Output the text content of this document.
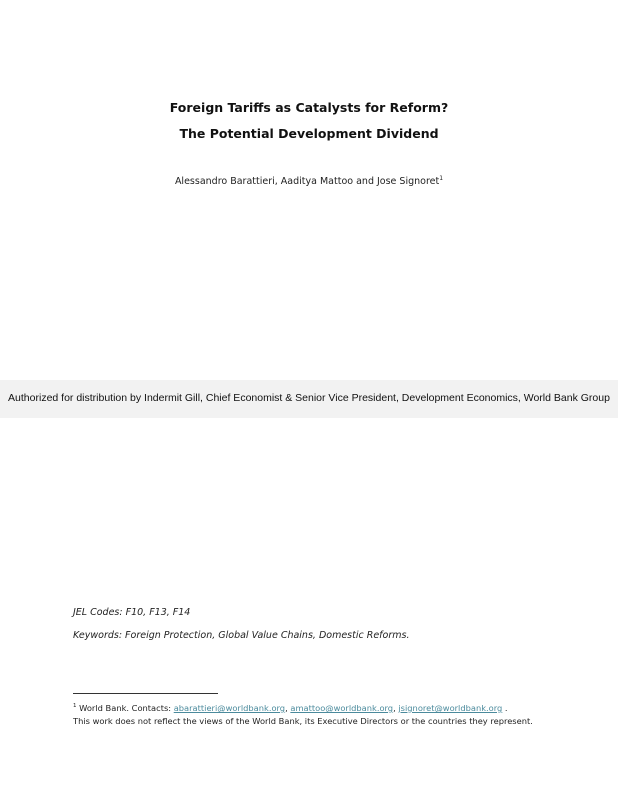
Foreign Tariffs as Catalysts for Reform?
The Potential Development Dividend
Alessandro Barattieri, Aaditya Mattoo and Jose Signoret$^1$
Authorized for distribution by Indermit Gill, Chief Economist & Senior Vice President, Development Economics, World Bank Group
JEL Codes: F10, F13, F14
Keywords: Foreign Protection, Global Value Chains, Domestic Reforms.
$^1$ World Bank. Contacts: abarattieri@worldbank.org, amattoo@worldbank.org, jsignoret@worldbank.org .
This work does not reflect the views of the World Bank, its Executive Directors or the countries they represent.
